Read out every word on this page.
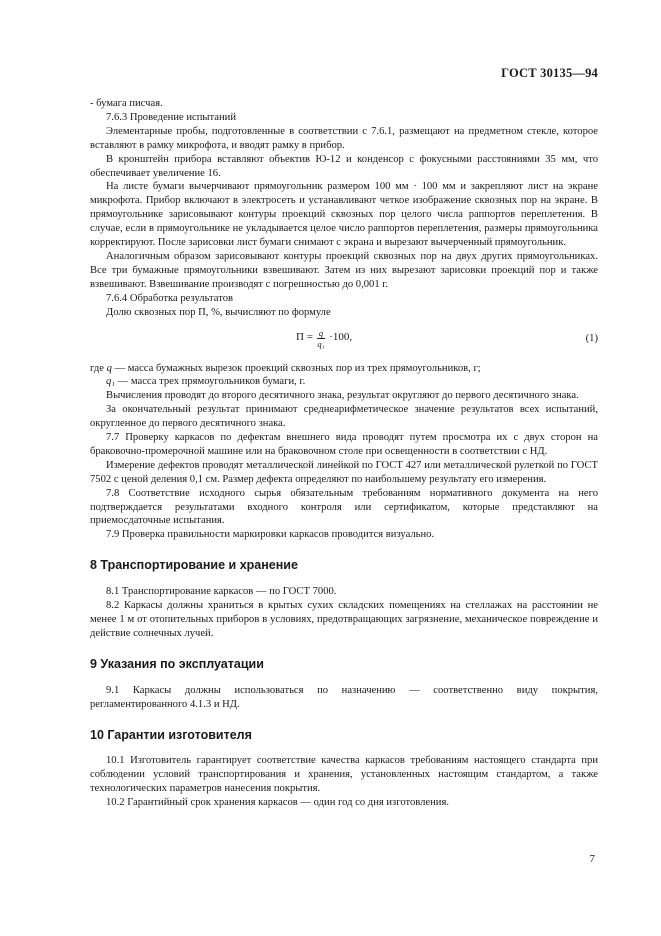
ГОСТ 30135—94

- бумага писчая.

7.6.3 Проведение испытаний

Элементарные пробы, подготовленные в соответствии с 7.6.1, размещают на предметном стекле, которое вставляют в рамку микрофота, и вводят рамку в прибор.

В кронштейн прибора вставляют объектив Ю-12 и конденсор с фокусными расстояниями 35 мм, что обеспечивает увеличение 16.

На листе бумаги вычерчивают прямоугольник размером 100 мм · 100 мм и закрепляют лист на экране микрофота. Прибор включают в электросеть и устанавливают четкое изображение сквозных пор на экране. В прямоугольнике зарисовывают контуры проекций сквозных пор целого числа раппортов переплетения. В случае, если в прямоугольнике не укладывается целое число раппортов переплетения, размеры прямоугольника корректируют. После зарисовки лист бумаги снимают с экрана и вырезают вычерченный прямоугольник.

Аналогичным образом зарисовывают контуры проекций сквозных пор на двух других прямоугольниках. Все три бумажные прямоугольники взвешивают. Затем из них вырезают зарисовки проекций пор и также взвешивают. Взвешивание производят с погрешностью до 0,001 г.

7.6.4 Обработка результатов

Долю сквозных пор П, %, вычисляют по формуле

$П = \frac{q}{\text{q₁}} \cdot 100$,	(1)

где q — масса бумажных вырезок проекций сквозных пор из трех прямоугольников, г;

q₁ — масса трех прямоугольников бумаги, г.

Вычисления проводят до второго десятичного знака, результат округляют до первого десятичного знака.

За окончательный результат принимают среднеарифметическое значение результатов всех испытаний, округленное до первого десятичного знака.

7.7 Проверку каркасов по дефектам внешнего вида проводят путем просмотра их с двух сторон на браковочно-промерочной машине или на браковочном столе при освещенности в соответствии с НД.

Измерение дефектов проводят металлической линейкой по ГОСТ 427 или металлической рулеткой по ГОСТ 7502 с ценой деления 0,1 см. Размер дефекта определяют по наибольшему результату его измерения.

7.8 Соответствие исходного сырья обязательным требованиям нормативного документа на него подтверждается результатами входного контроля или сертификатом, которые представляют на приемосдаточные испытания.

7.9 Проверка правильности маркировки каркасов проводится визуально.

8 Транспортирование и хранение

8.1 Транспортирование каркасов — по ГОСТ 7000.

8.2 Каркасы должны храниться в крытых сухих складских помещениях на стеллажах на расстоянии не менее 1 м от отопительных приборов в условиях, предотвращающих загрязнение, механическое повреждение и действие солнечных лучей.

9 Указания по эксплуатации

9.1 Каркасы должны использоваться по назначению — соответственно виду покрытия, регламентированного 4.1.3 и НД.

10 Гарантии изготовителя

10.1 Изготовитель гарантирует соответствие качества каркасов требованиям настоящего стандарта при соблюдении условий транспортирования и хранения, установленных настоящим стандартом, а также технологических параметров нанесения покрытия.

10.2 Гарантийный срок хранения каркасов — один год со дня изготовления.

7
